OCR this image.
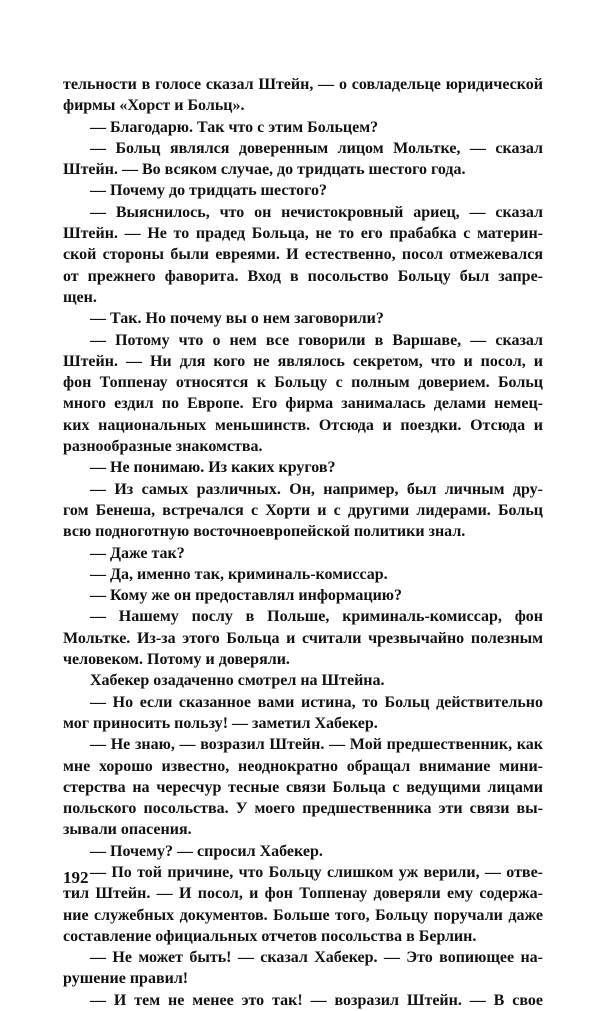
тельности в голосе сказал Штейн, — о совладельце юридической
фирмы «Хорст и Больц».
— Благодарю. Так что с этим Больцем?
— Больц являлся доверенным лицом Мольтке, — сказал
Штейн. — Во всяком случае, до тридцать шестого года.
— Почему до тридцать шестого?
— Выяснилось, что он нечистокровный ариец, — сказал
Штейн. — Не то прадед Больца, не то его прабабка с материн-
ской стороны были евреями. И естественно, посол отмежевался
от прежнего фаворита. Вход в посольство Больцу был запре-
щен.
— Так. Но почему вы о нем заговорили?
— Потому что о нем все говорили в Варшаве, — сказал
Штейн. — Ни для кого не являлось секретом, что и посол, и
фон Топпенау относятся к Больцу с полным доверием. Больц
много ездил по Европе. Его фирма занималась делами немец-
ких национальных меньшинств. Отсюда и поездки. Отсюда и
разнообразные знакомства.
— Не понимаю. Из каких кругов?
— Из самых различных. Он, например, был личным дру-
гом Бенеша, встречался с Хорти и с другими лидерами. Больц
всю подноготную восточноевропейской политики знал.
— Даже так?
— Да, именно так, криминаль-комиссар.
— Кому же он предоставлял информацию?
— Нашему послу в Польше, криминаль-комиссар, фон
Мольтке. Из-за этого Больца и считали чрезвычайно полезным
человеком. Потому и доверяли.
Хабекер озадаченно смотрел на Штейна.
— Но если сказанное вами истина, то Больц действительно
мог приносить пользу! — заметил Хабекер.
— Не знаю, — возразил Штейн. — Мой предшественник, как
мне хорошо известно, неоднократно обращал внимание мини-
стерства на чересчур тесные связи Больца с ведущими лицами
польского посольства. У моего предшественника эти связи вы-
зывали опасения.
— Почему? — спросил Хабекер.
— По той причине, что Больцу слишком уж верили, — отве-
тил Штейн. — И посол, и фон Топпенау доверяли ему содержа-
ние служебных документов. Больше того, Больцу поручали даже
составление официальных отчетов посольства в Берлин.
— Не может быть! — сказал Хабекер. — Это вопиющее на-
рушение правил!
— И тем не менее это так! — возразил Штейн. — В свое
192
